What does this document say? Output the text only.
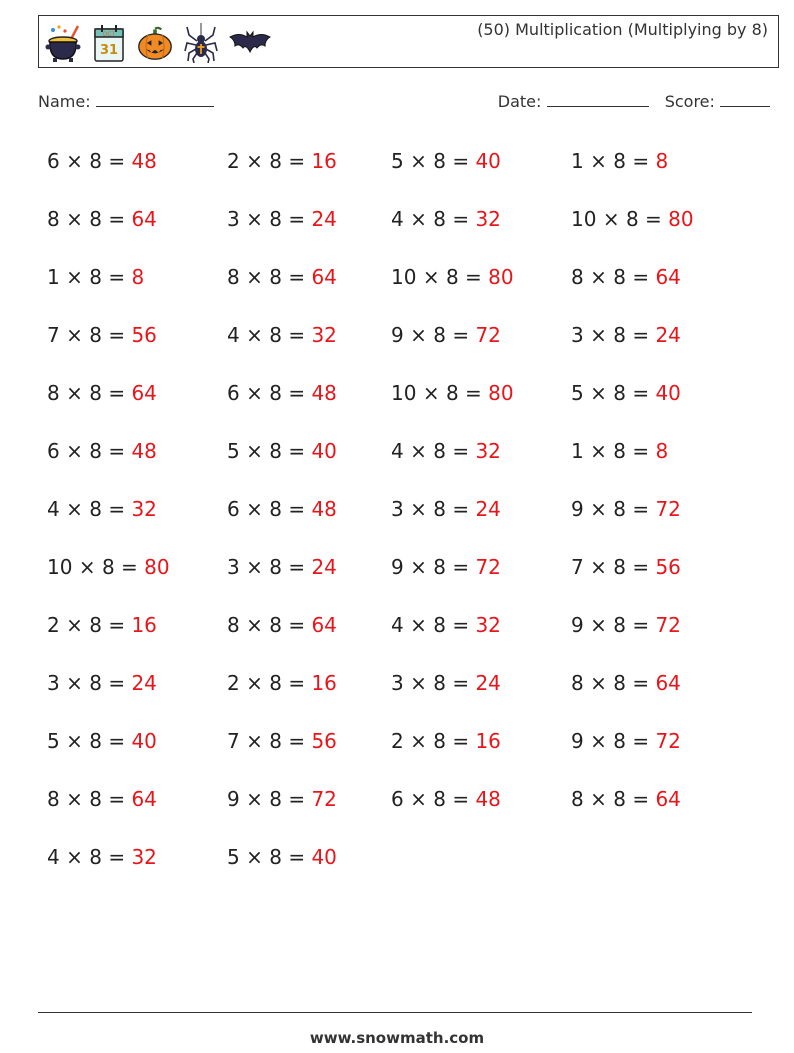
OCT
31
(50) Multiplication (Multiplying by 8)
Name:	Date:	Score:
6 × 8 = 48
8 × 8 = 64
1 × 8 = 8
7 × 8 = 56
8 × 8 = 64
6 × 8 = 48
4 × 8 = 32
10 × 8 = 80
2 × 8 = 16
3 × 8 = 24
5 × 8 = 40
8 × 8 = 64
4 × 8 = 32
2 × 8 = 16
3 × 8 = 24
8 × 8 = 64
4 × 8 = 32
6 × 8 = 48
5 × 8 = 40
6 × 8 = 48
3 × 8 = 24
8 × 8 = 64
2 × 8 = 16
7 × 8 = 56
9 × 8 = 72
5 × 8 = 40
5 × 8 = 40
4 × 8 = 32
10 × 8 = 80
9 × 8 = 72
10 × 8 = 80
4 × 8 = 32
3 × 8 = 24
9 × 8 = 72
4 × 8 = 32
3 × 8 = 24
2 × 8 = 16
6 × 8 = 48
1 × 8 = 8
10 × 8 = 80
8 × 8 = 64
3 × 8 = 24
5 × 8 = 40
1 × 8 = 8
9 × 8 = 72
7 × 8 = 56
9 × 8 = 72
8 × 8 = 64
9 × 8 = 72
8 × 8 = 64
www.snowmath.com
